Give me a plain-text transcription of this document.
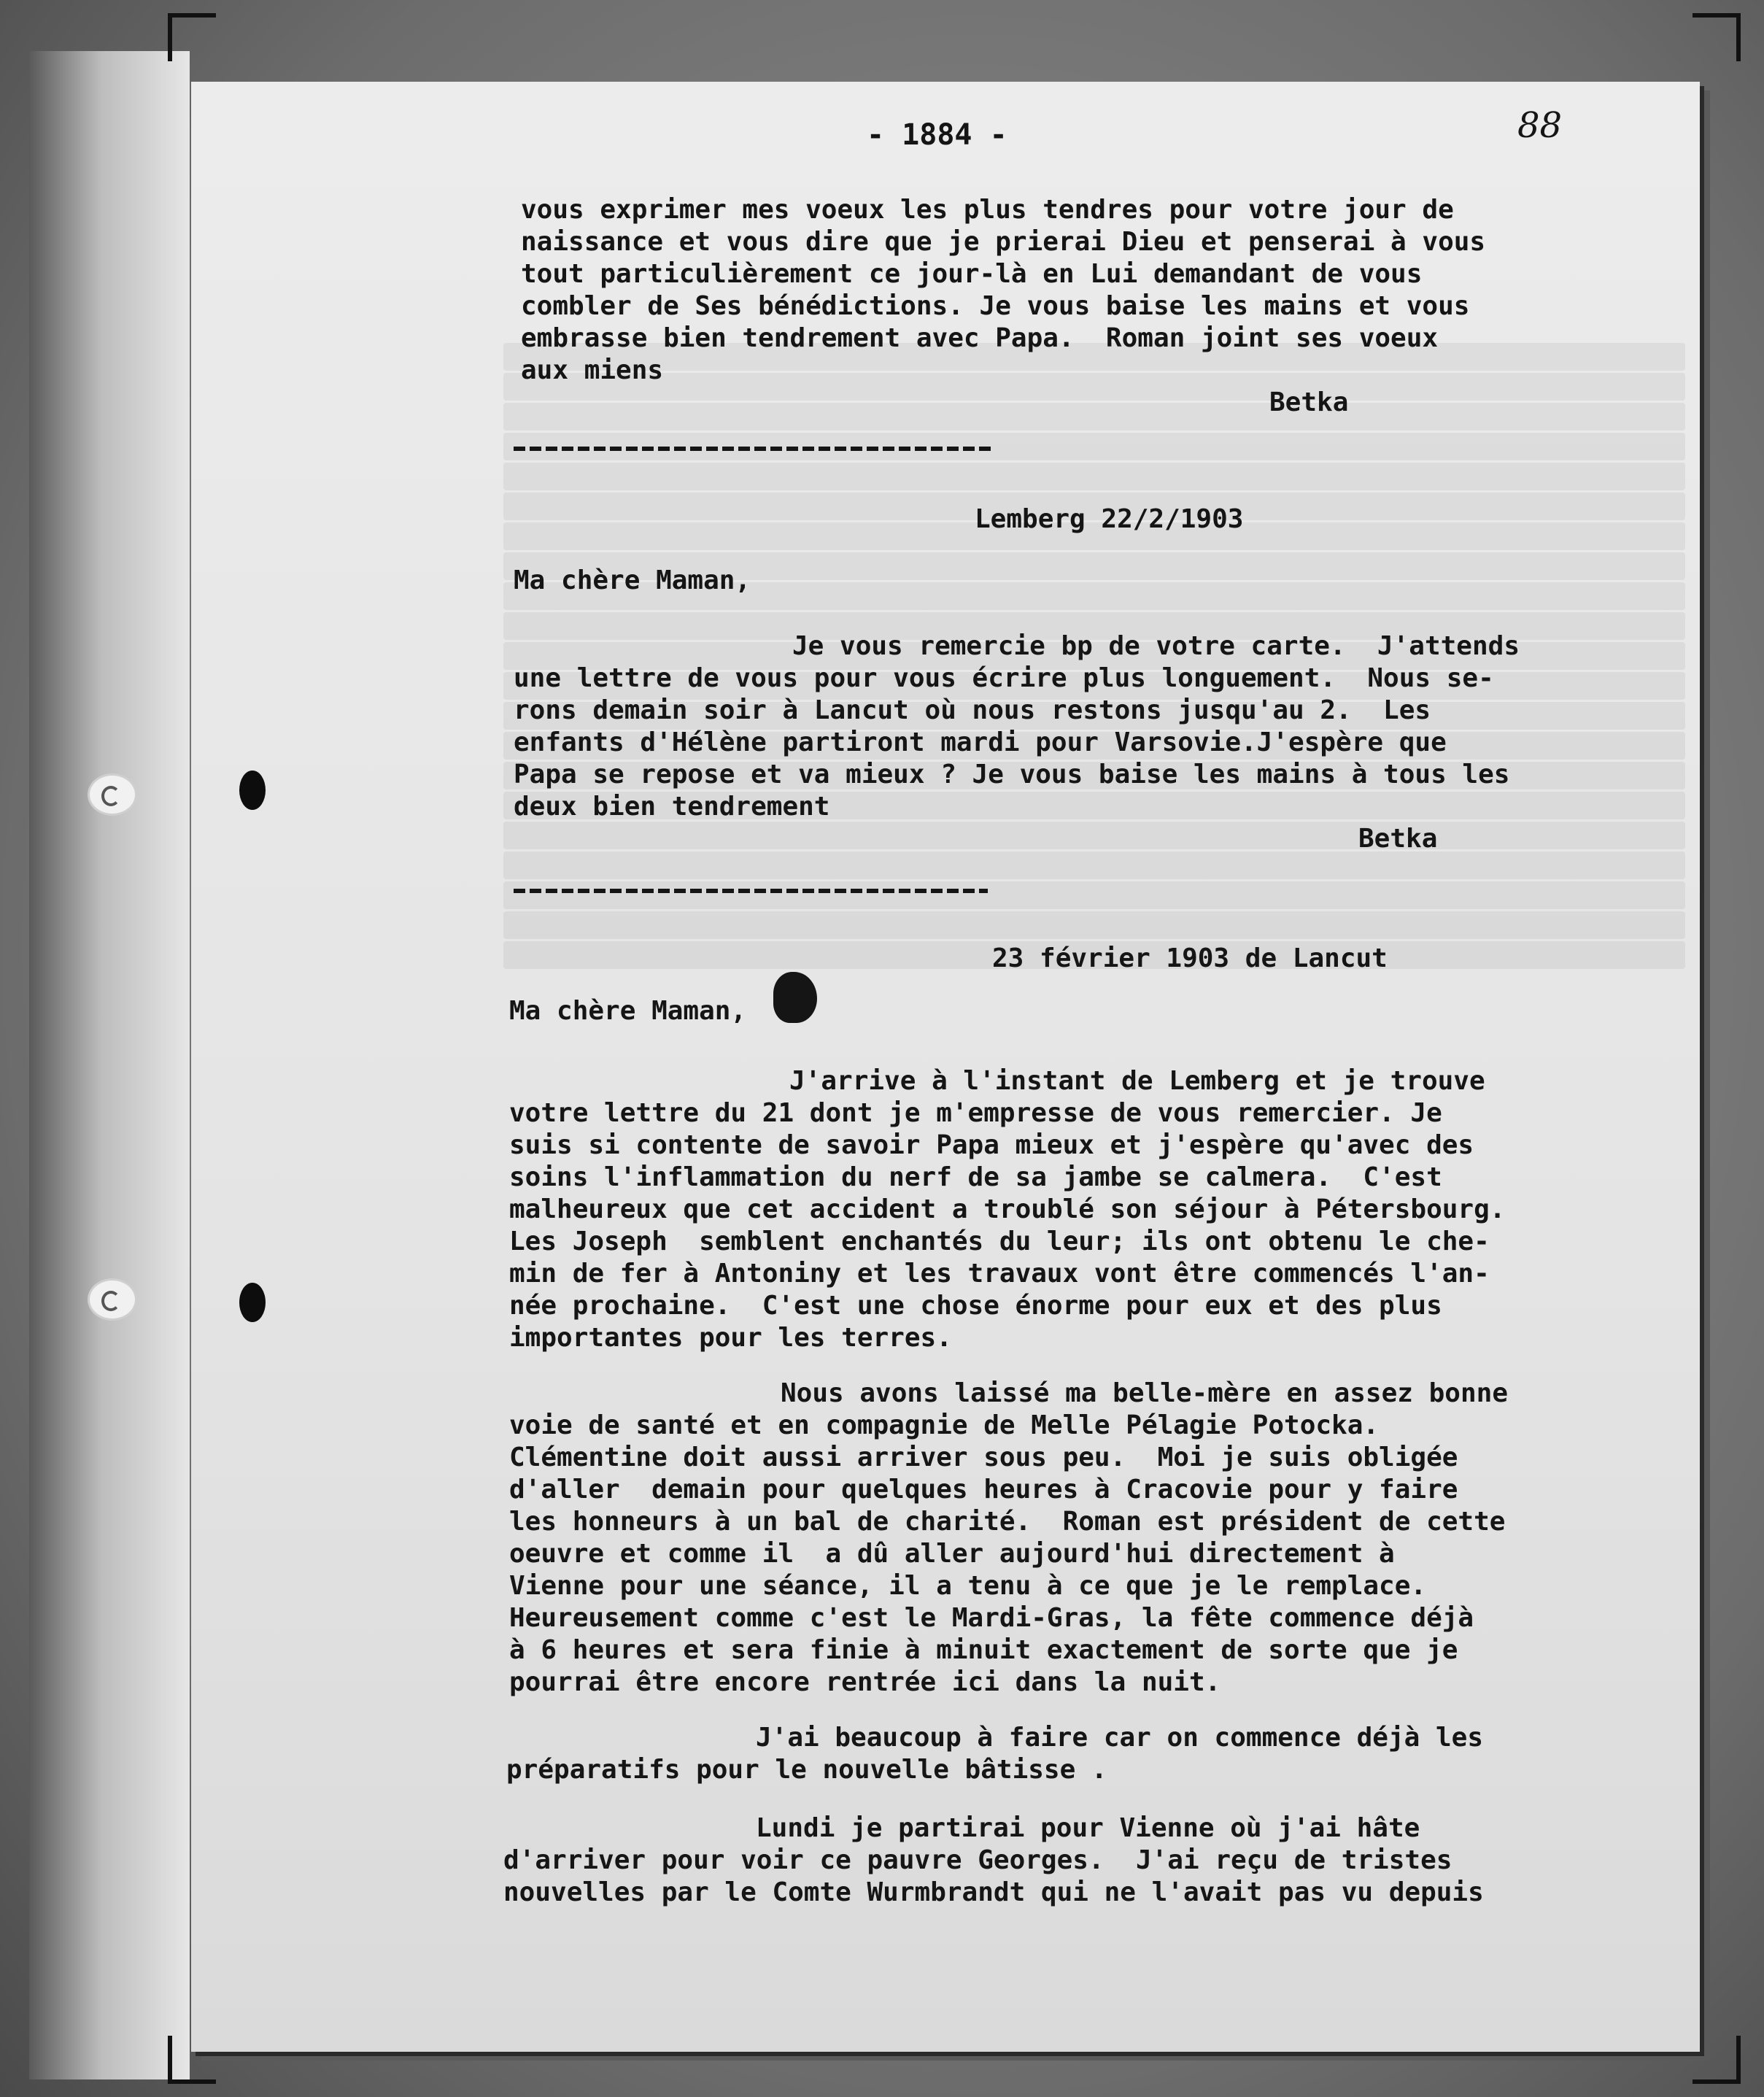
- 1884 -	88
vous exprimer mes voeux les plus tendres pour votre jour de
naissance et vous dire que je prierai Dieu et penserai à vous
tout particulièrement ce jour-là en Lui demandant de vous
combler de Ses bénédictions. Je vous baise les mains et vous
embrasse bien tendrement avec Papa.  Roman joint ses voeux
aux miens
Betka
Lemberg 22/2/1903
Ma chère Maman,
Je vous remercie bp de votre carte.  J'attends
une lettre de vous pour vous écrire plus longuement.  Nous se-
rons demain soir à Lancut où nous restons jusqu'au 2.  Les
enfants d'Hélène partiront mardi pour Varsovie.J'espère que
Papa se repose et va mieux ? Je vous baise les mains à tous les
deux bien tendrement
Betka
23 février 1903 de Lancut
Ma chère Maman,
J'arrive à l'instant de Lemberg et je trouve
votre lettre du 21 dont je m'empresse de vous remercier. Je
suis si contente de savoir Papa mieux et j'espère qu'avec des
soins l'inflammation du nerf de sa jambe se calmera.  C'est
malheureux que cet accident a troublé son séjour à Pétersbourg.
Les Joseph  semblent enchantés du leur; ils ont obtenu le che-
min de fer à Antoniny et les travaux vont être commencés l'an-
née prochaine.  C'est une chose énorme pour eux et des plus
importantes pour les terres.
Nous avons laissé ma belle-mère en assez bonne
voie de santé et en compagnie de Melle Pélagie Potocka.
Clémentine doit aussi arriver sous peu.  Moi je suis obligée
d'aller  demain pour quelques heures à Cracovie pour y faire
les honneurs à un bal de charité.  Roman est président de cette
oeuvre et comme il  a dû aller aujourd'hui directement à
Vienne pour une séance, il a tenu à ce que je le remplace.
Heureusement comme c'est le Mardi-Gras, la fête commence déjà
à 6 heures et sera finie à minuit exactement de sorte que je
pourrai être encore rentrée ici dans la nuit.
J'ai beaucoup à faire car on commence déjà les
préparatifs pour le nouvelle bâtisse .
Lundi je partirai pour Vienne où j'ai hâte
d'arriver pour voir ce pauvre Georges.  J'ai reçu de tristes
nouvelles par le Comte Wurmbrandt qui ne l'avait pas vu depuis
